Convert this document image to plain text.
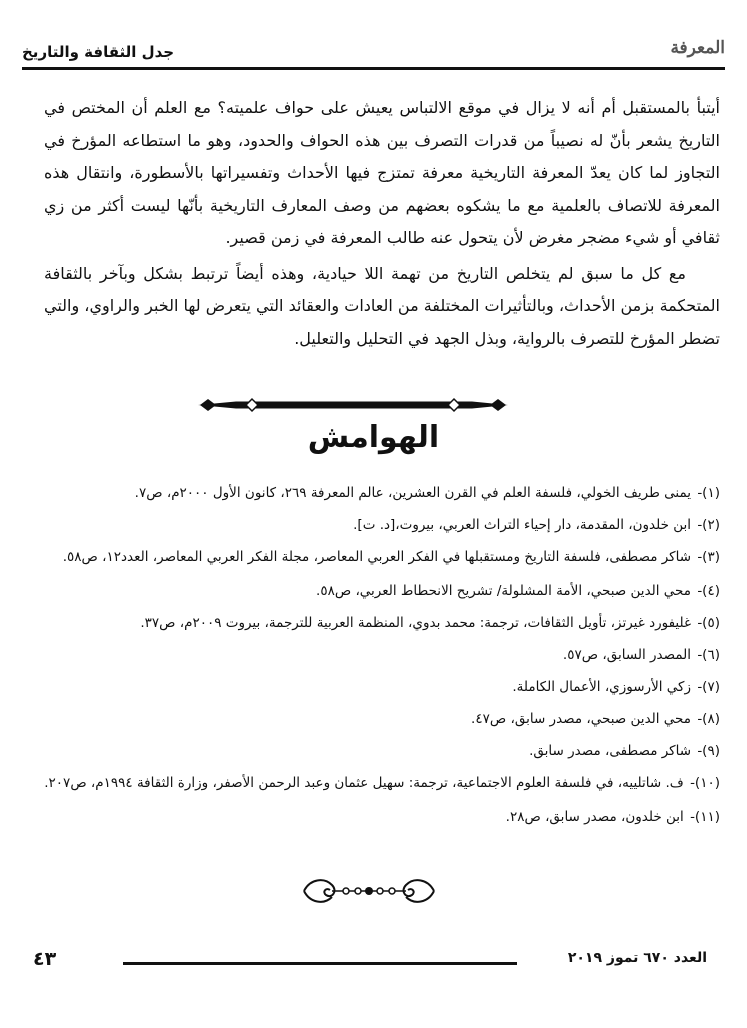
جدل الثقافة والتاريخ	المعرفة

أيتبأ بالمستقبل أم أنه لا يزال في موقع الالتباس يعيش على حواف علميته؟ مع العلم أن المختص في التاريخ يشعر بأنّ له نصيباً من قدرات التصرف بين هذه الحواف والحدود، وهو ما استطاعه المؤرخ في التجاوز لما كان يعدّ المعرفة التاريخية معرفة تمتزج فيها الأحداث وتفسيراتها بالأسطورة، وانتقال هذه المعرفة للاتصاف بالعلمية مع ما يشكوه بعضهم من وصف المعارف التاريخية بأنّها ليست أكثر من زي ثقافي أو شيء مضجر مغرض لأن يتحول عنه طالب المعرفة في زمن قصير.

مع كل ما سبق لم يتخلص التاريخ من تهمة اللا حيادية، وهذه أيضاً ترتبط بشكل وبآخر بالثقافة المتحكمة بزمن الأحداث، وبالتأثيرات المختلفة من العادات والعقائد التي يتعرض لها الخبر والراوي، والتي تضطر المؤرخ للتصرف بالرواية، وبذل الجهد في التحليل والتعليل.

الهوامش
(١)- يمنى طريف الخولي، فلسفة العلم في القرن العشرين، عالم المعرفة ٢٦٩، كانون الأول ٢٠٠٠م، ص٧.
(٢)- ابن خلدون، المقدمة، دار إحياء التراث العربي، بيروت،[د. ت].
(٣)- شاكر مصطفى، فلسفة التاريخ ومستقبلها في الفكر العربي المعاصر، مجلة الفكر العربي المعاصر، العدد١٢، ص٥٨.
(٤)- محي الدين صبحي، الأمة المشلولة/ تشريح الانحطاط العربي، ص٥٨.
(٥)- غليفورد غيرتز، تأويل الثقافات، ترجمة: محمد بدوي، المنظمة العربية للترجمة، بيروت ٢٠٠٩م، ص٣٧.
(٦)- المصدر السابق، ص٥٧.
(٧)- زكي الأرسوزي، الأعمال الكاملة.
(٨)- محي الدين صبحي، مصدر سابق، ص٤٧.
(٩)- شاكر مصطفى، مصدر سابق.
(١٠)- ف. شاتلييه، في فلسفة العلوم الاجتماعية، ترجمة: سهيل عثمان وعبد الرحمن الأصفر، وزارة الثقافة ١٩٩٤م، ص٢٠٧.
(١١)- ابن خلدون، مصدر سابق، ص٢٨.
٤٣	العدد ٦٧٠ تموز ٢٠١٩
